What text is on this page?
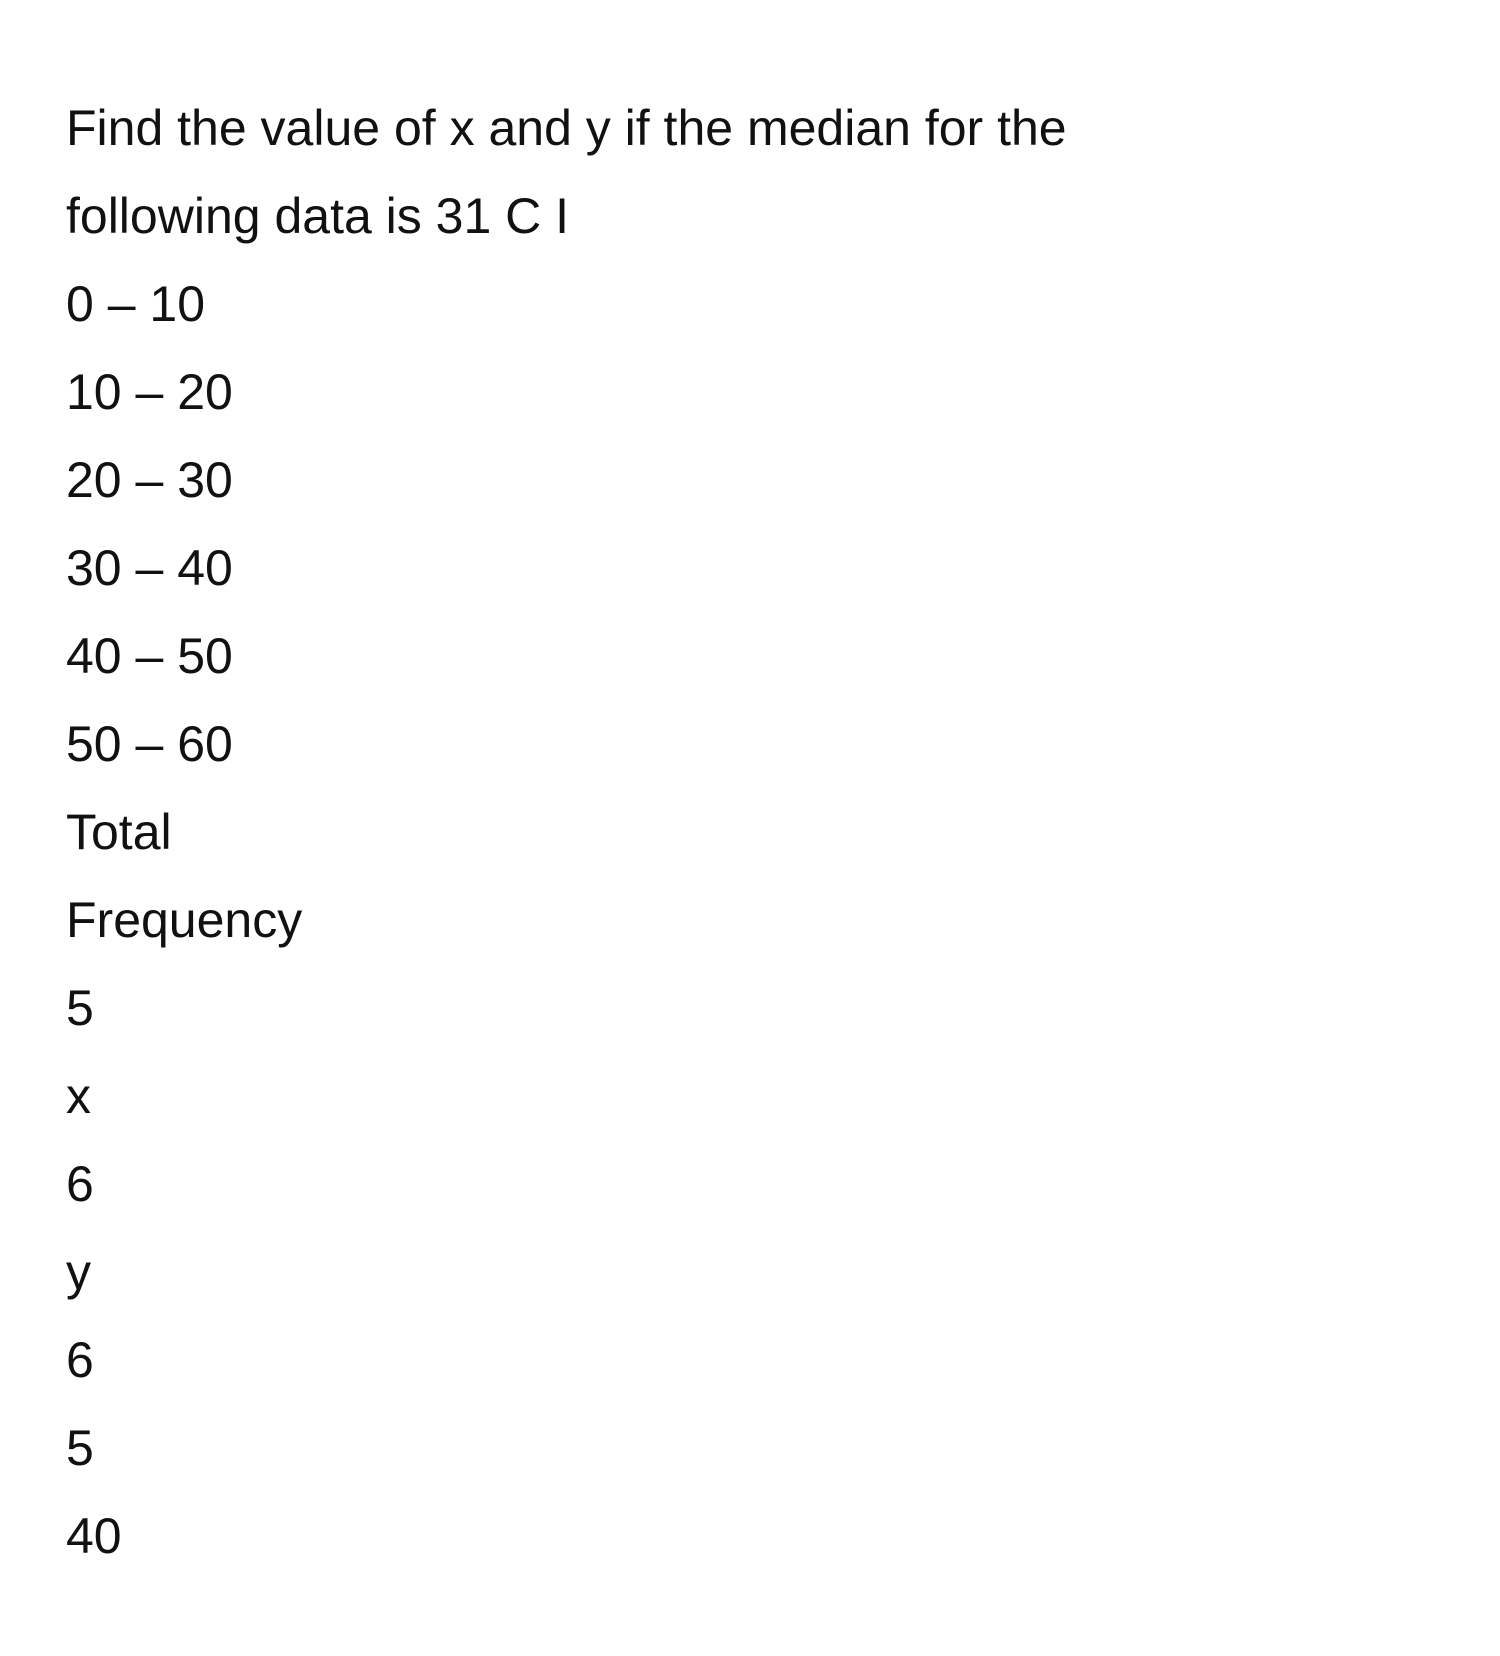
Find the value of x and y if the median for the

following data is 31 C I

0 – 10

10 – 20

20 – 30

30 – 40

40 – 50

50 – 60

Total

Frequency

5

x

6

y

6

5

40
